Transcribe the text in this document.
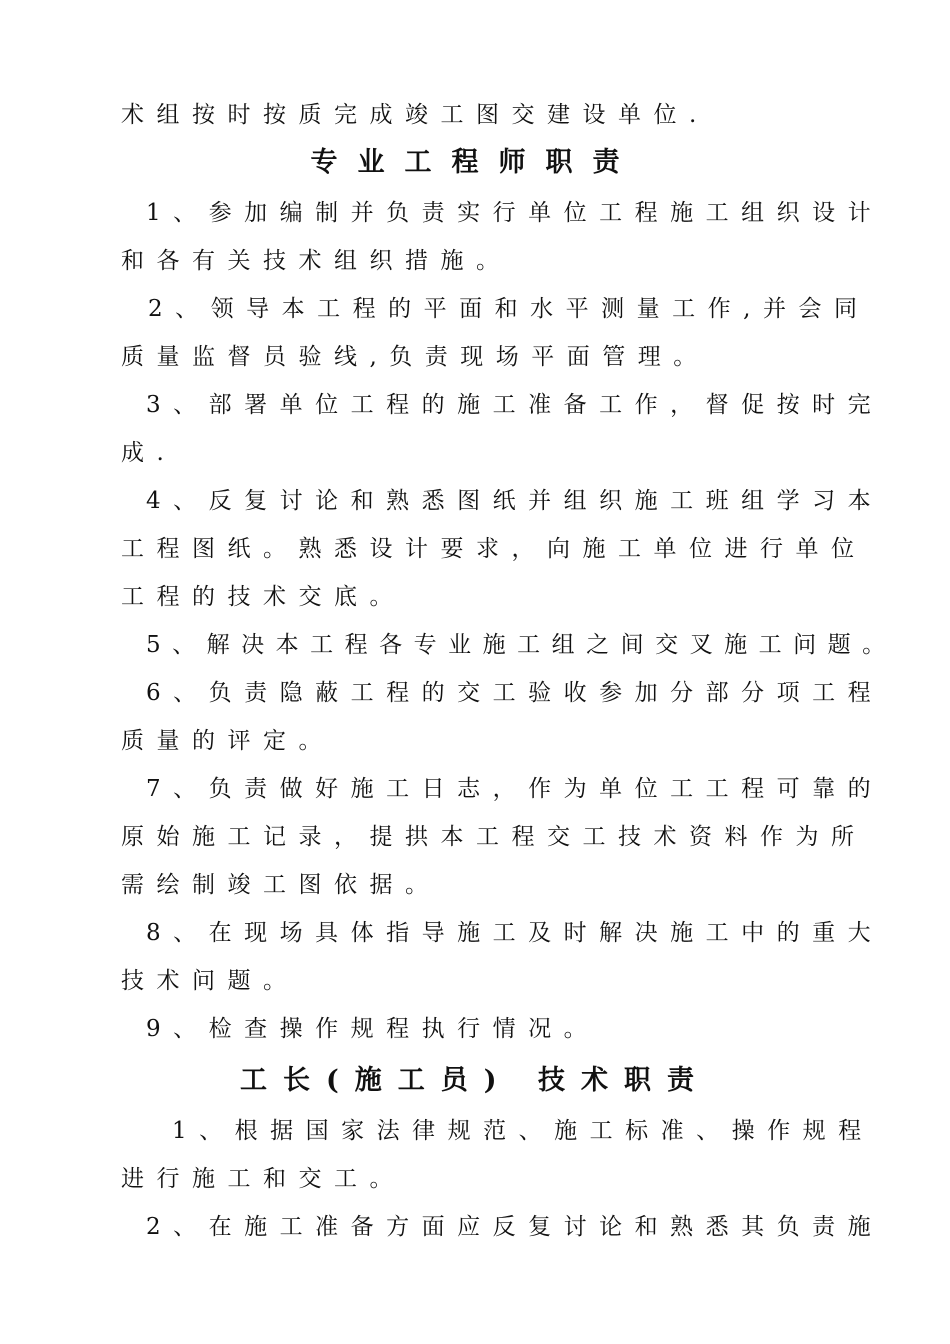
术组按时按质完成竣工图交建设单位.
专业工程师职责
1、参加编制并负责实行单位工程施工组织设计
和各有关技术组织措施。
2、领导本工程的平面和水平测量工作,并会同
质量监督员验线,负责现场平面管理。
3、部署单位工程的施工准备工作，督促按时完
成.
4、反复讨论和熟悉图纸并组织施工班组学习本
工程图纸。熟悉设计要求，向施工单位进行单位
工程的技术交底。
5、解决本工程各专业施工组之间交叉施工问题。
6、负责隐蔽工程的交工验收参加分部分项工程
质量的评定。
7、负责做好施工日志，作为单位工工程可靠的
原始施工记录，提拱本工程交工技术资料作为所
需绘制竣工图依据。
8、在现场具体指导施工及时解决施工中的重大
技术问题。
9、检查操作规程执行情况。
工长(施工员) 技术职责
1、根据国家法律规范、施工标准、操作规程
进行施工和交工。
2、在施工准备方面应反复讨论和熟悉其负责施
